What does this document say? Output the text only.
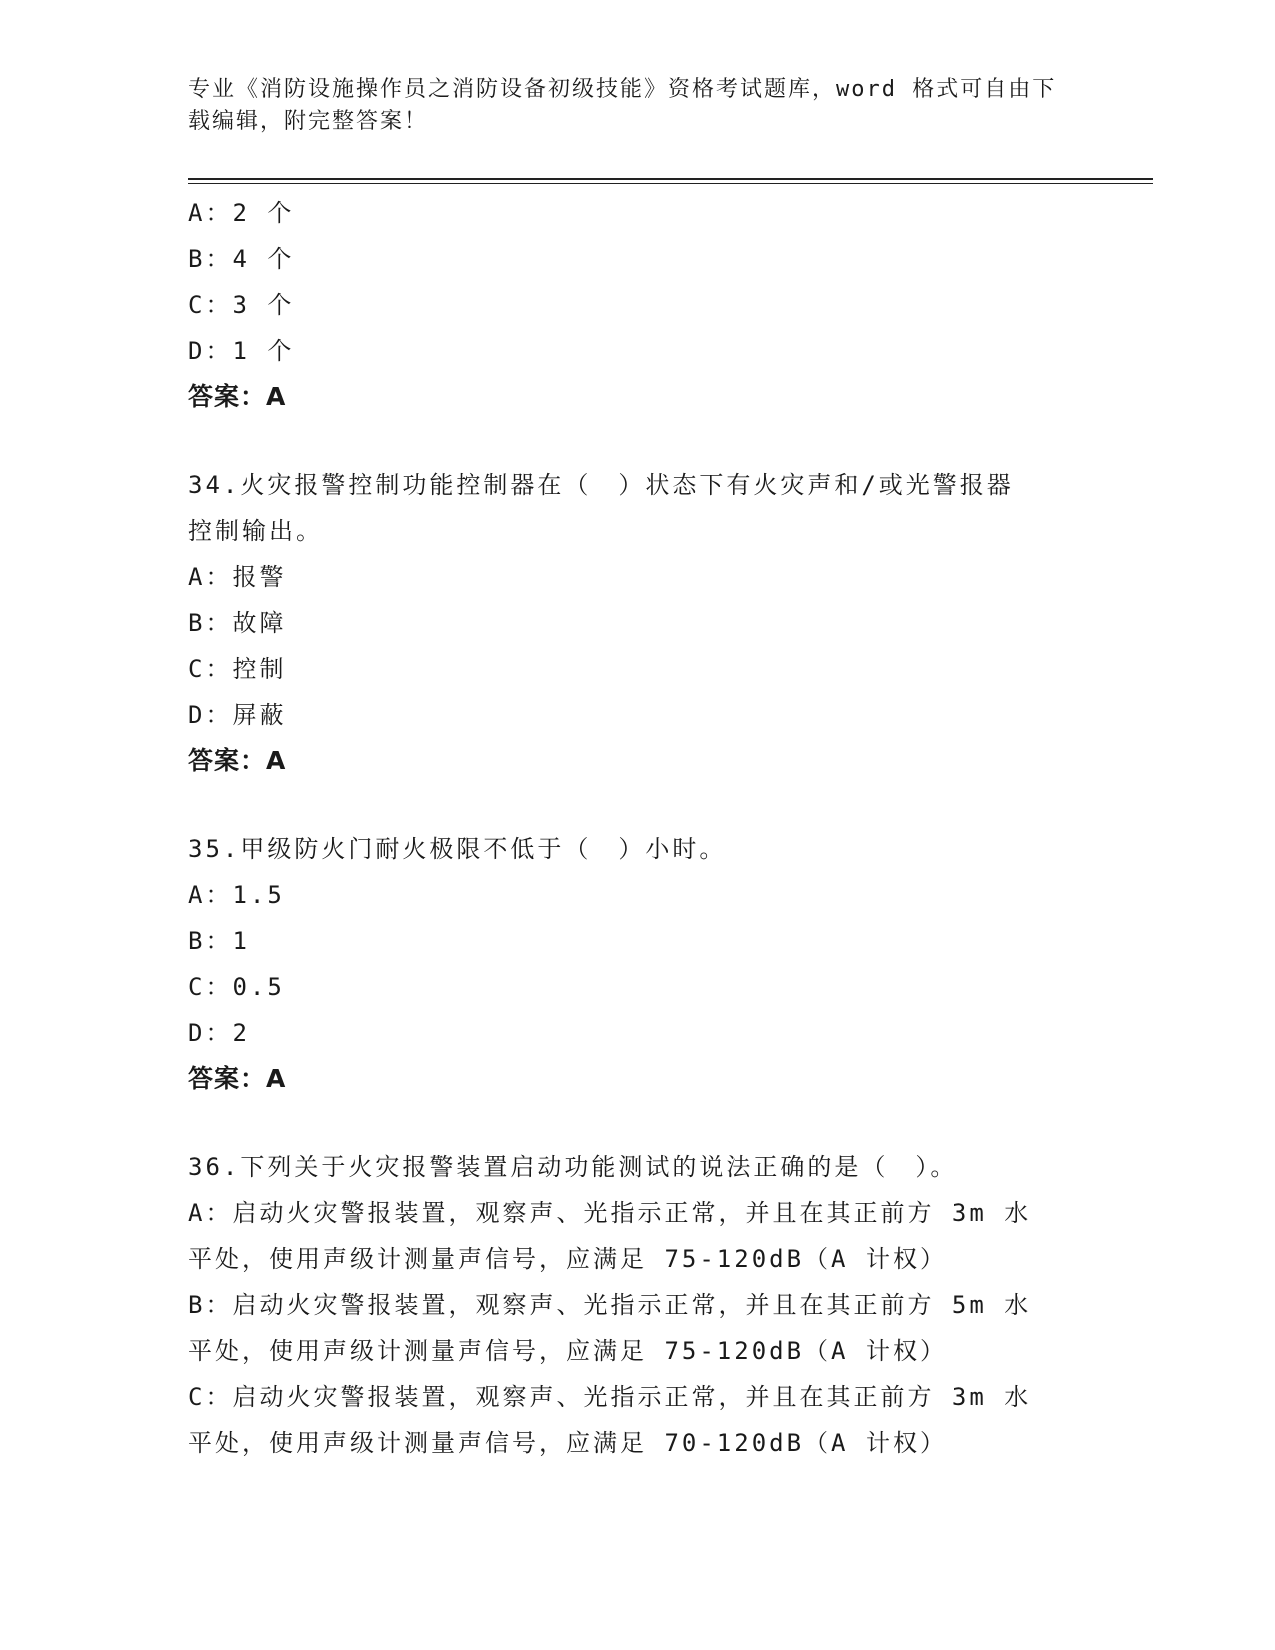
专业《消防设施操作员之消防设备初级技能》资格考试题库，word 格式可自由下
载编辑，附完整答案！
A：2 个
B：4 个
C：3 个
D：1 个
答案：A
34.火灾报警控制功能控制器在（　）状态下有火灾声和/或光警报器
控制输出。
A：报警
B：故障
C：控制
D：屏蔽
答案：A
35.甲级防火门耐火极限不低于（　）小时。
A：1.5
B：1
C：0.5
D：2
答案：A
36.下列关于火灾报警装置启动功能测试的说法正确的是（　）。
A：启动火灾警报装置，观察声、光指示正常，并且在其正前方 3m 水
平处，使用声级计测量声信号，应满足 75-120dB（A 计权）
B：启动火灾警报装置，观察声、光指示正常，并且在其正前方 5m 水
平处，使用声级计测量声信号，应满足 75-120dB（A 计权）
C：启动火灾警报装置，观察声、光指示正常，并且在其正前方 3m 水
平处，使用声级计测量声信号，应满足 70-120dB（A 计权）
